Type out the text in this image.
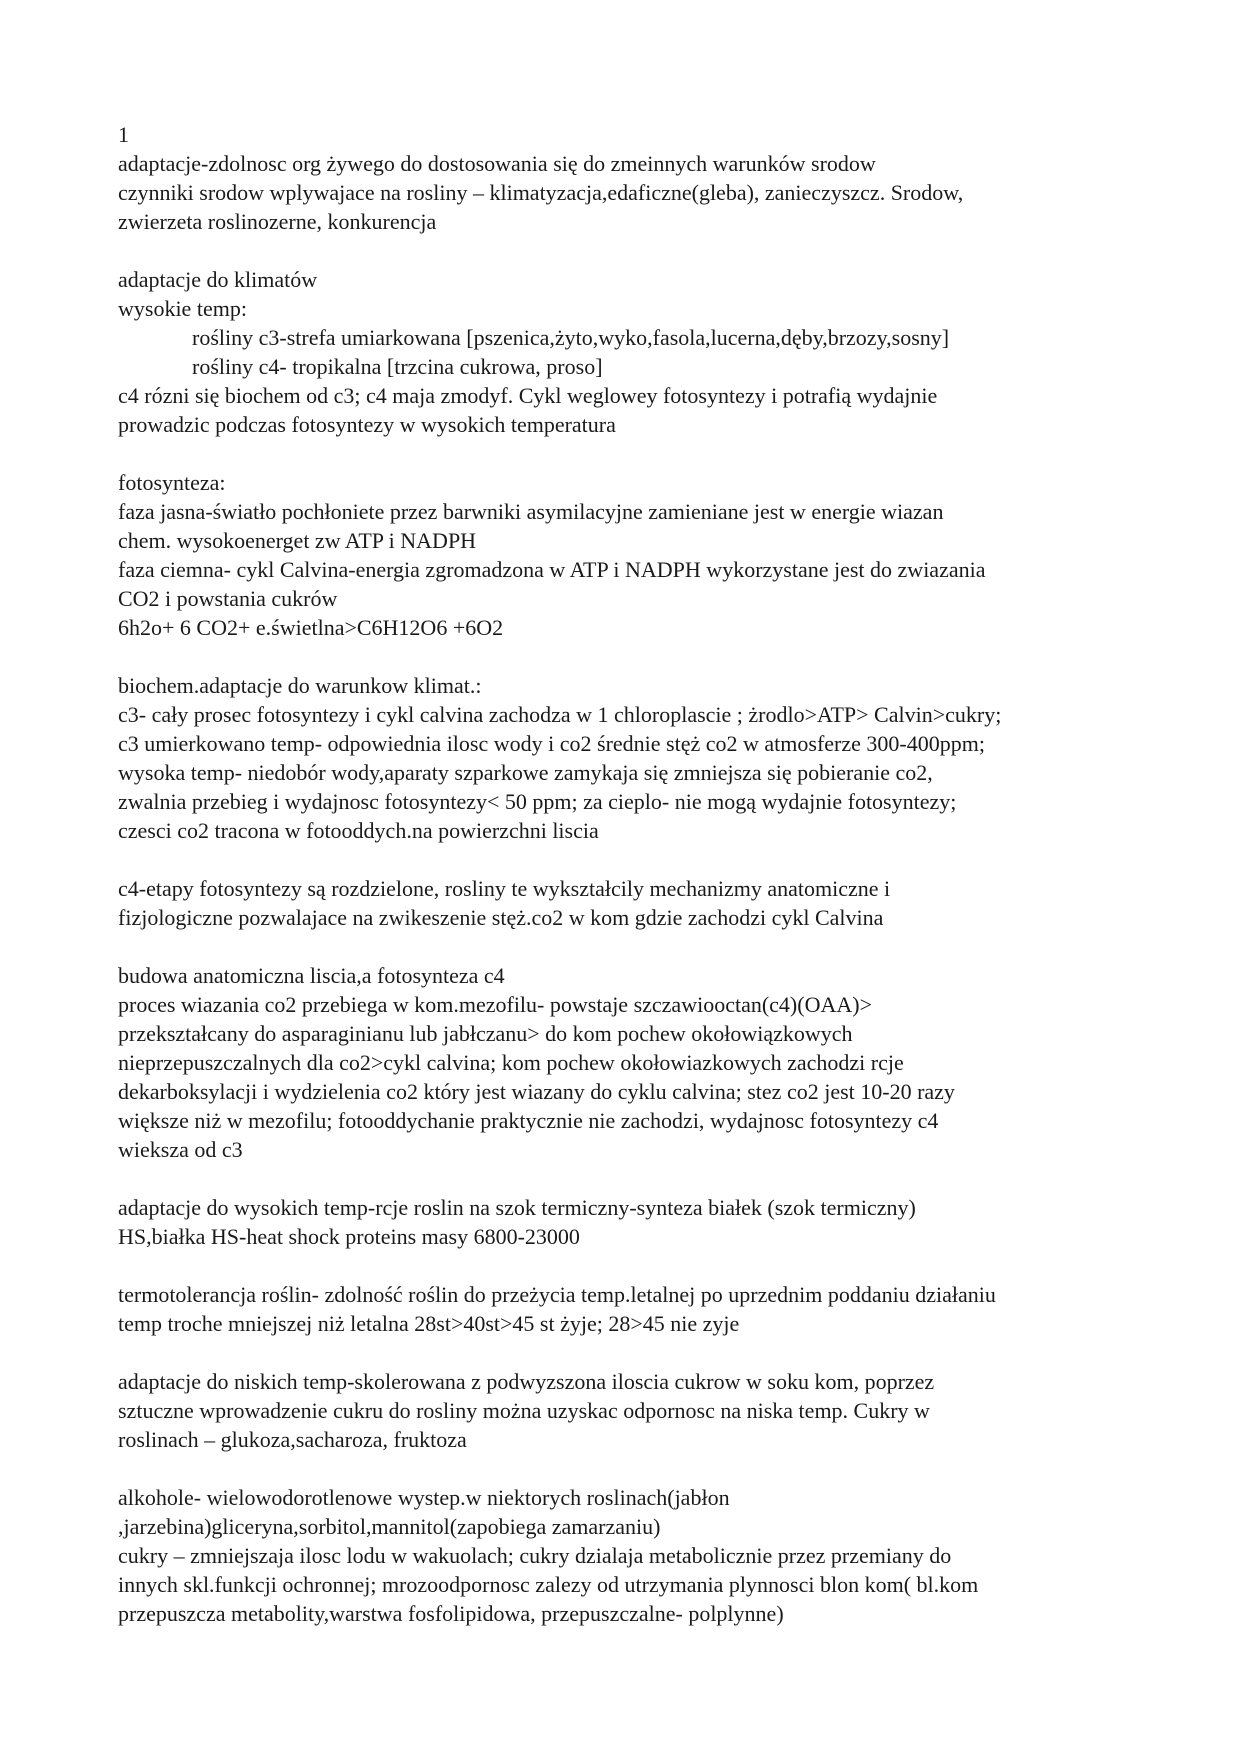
1
adaptacje-zdolnosc org żywego do dostosowania się do zmeinnych warunków srodow
czynniki srodow wplywajace na rosliny – klimatyzacja,edaficzne(gleba), zanieczyszcz. Srodow,
zwierzeta roslinozerne, konkurencja
adaptacje do klimatów
wysokie temp:
rośliny c3-strefa umiarkowana [pszenica,żyto,wyko,fasola,lucerna,dęby,brzozy,sosny]
rośliny c4- tropikalna [trzcina cukrowa, proso]
c4 rózni się biochem od c3; c4 maja zmodyf. Cykl weglowey fotosyntezy i potrafią wydajnie
prowadzic podczas fotosyntezy w wysokich temperatura
fotosynteza:
faza jasna-światło pochłoniete przez barwniki asymilacyjne zamieniane jest w energie wiazan
chem. wysokoenerget zw ATP i NADPH
faza ciemna- cykl Calvina-energia zgromadzona w ATP i NADPH wykorzystane jest do zwiazania
CO2 i powstania cukrów
6h2o+ 6 CO2+ e.świetlna>C6H12O6 +6O2
biochem.adaptacje do warunkow klimat.:
c3- cały prosec fotosyntezy i cykl calvina zachodza w 1 chloroplascie ; żrodlo>ATP> Calvin>cukry;
c3 umierkowano temp- odpowiednia ilosc wody i co2 średnie stęż co2 w atmosferze 300-400ppm;
wysoka temp- niedobór wody,aparaty szparkowe zamykaja się zmniejsza się pobieranie co2,
zwalnia przebieg i wydajnosc fotosyntezy< 50 ppm; za cieplo- nie mogą wydajnie fotosyntezy;
czesci co2 tracona w fotooddych.na powierzchni liscia
c4-etapy fotosyntezy są rozdzielone, rosliny te wykształcily mechanizmy anatomiczne i
fizjologiczne pozwalajace na zwikeszenie stęż.co2 w kom gdzie zachodzi cykl Calvina
budowa anatomiczna liscia,a fotosynteza c4
proces wiazania co2 przebiega w kom.mezofilu- powstaje szczawiooctan(c4)(OAA)>
przekształcany do asparaginianu lub jabłczanu> do kom pochew okołowiązkowych
nieprzepuszczalnych dla co2>cykl calvina; kom pochew okołowiazkowych zachodzi rcje
dekarboksylacji i wydzielenia co2 który jest wiazany do cyklu calvina; stez co2 jest 10-20 razy
większe niż w mezofilu; fotooddychanie praktycznie nie zachodzi, wydajnosc fotosyntezy c4
wieksza od c3
adaptacje do wysokich temp-rcje roslin na szok termiczny-synteza białek (szok termiczny)
HS,białka HS-heat shock proteins masy 6800-23000
termotolerancja roślin- zdolność roślin do przeżycia temp.letalnej po uprzednim poddaniu działaniu
temp troche mniejszej niż letalna 28st>40st>45 st żyje; 28>45 nie zyje
adaptacje do niskich temp-skolerowana z podwyzszona iloscia cukrow w soku kom, poprzez
sztuczne wprowadzenie cukru do rosliny można uzyskac odpornosc na niska temp. Cukry w
roslinach – glukoza,sacharoza, fruktoza
alkohole- wielowodorotlenowe wystep.w niektorych roslinach(jabłon
,jarzebina)gliceryna,sorbitol,mannitol(zapobiega zamarzaniu)
cukry – zmniejszaja ilosc lodu w wakuolach; cukry dzialaja metabolicznie przez przemiany do
innych skl.funkcji ochronnej; mrozoodpornosc zalezy od utrzymania plynnosci blon kom( bl.kom
przepuszcza metabolity,warstwa fosfolipidowa, przepuszczalne- polplynne)
